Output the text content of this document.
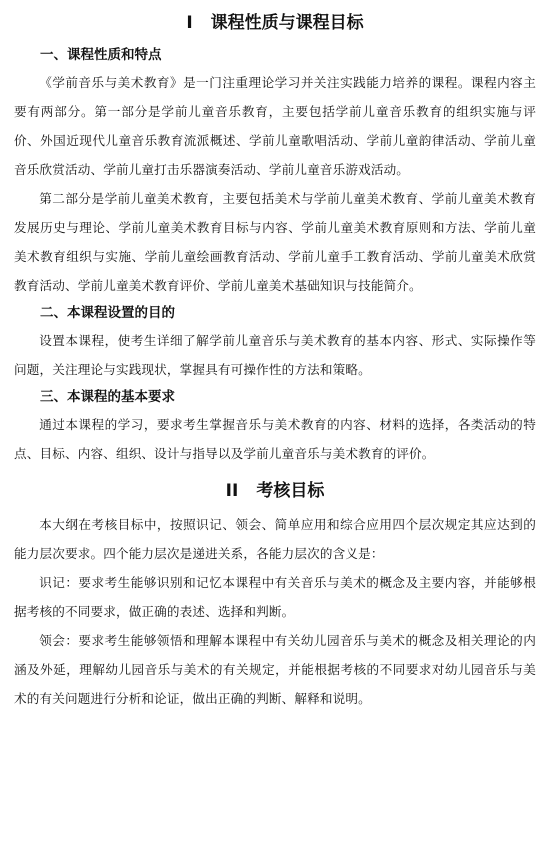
I 课程性质与课程目标
一、课程性质和特点

《学前音乐与美术教育》是一门注重理论学习并关注实践能力培养的课程。课程内容主要有两部分。第一部分是学前儿童音乐教育，主要包括学前儿童音乐教育的组织实施与评价、外国近现代儿童音乐教育流派概述、学前儿童歌唱活动、学前儿童韵律活动、学前儿童音乐欣赏活动、学前儿童打击乐器演奏活动、学前儿童音乐游戏活动。

第二部分是学前儿童美术教育，主要包括美术与学前儿童美术教育、学前儿童美术教育发展历史与理论、学前儿童美术教育目标与内容、学前儿童美术教育原则和方法、学前儿童美术教育组织与实施、学前儿童绘画教育活动、学前儿童手工教育活动、学前儿童美术欣赏教育活动、学前儿童美术教育评价、学前儿童美术基础知识与技能简介。

二、本课程设置的目的

设置本课程，使考生详细了解学前儿童音乐与美术教育的基本内容、形式、实际操作等问题，关注理论与实践现状，掌握具有可操作性的方法和策略。

三、本课程的基本要求

通过本课程的学习，要求考生掌握音乐与美术教育的内容、材料的选择，各类活动的特点、目标、内容、组织、设计与指导以及学前儿童音乐与美术教育的评价。

II 考核目标

本大纲在考核目标中，按照识记、领会、简单应用和综合应用四个层次规定其应达到的能力层次要求。四个能力层次是递进关系，各能力层次的含义是：

识记：要求考生能够识别和记忆本课程中有关音乐与美术的概念及主要内容，并能够根据考核的不同要求，做正确的表述、选择和判断。

领会：要求考生能够领悟和理解本课程中有关幼儿园音乐与美术的概念及相关理论的内涵及外延，理解幼儿园音乐与美术的有关规定，并能根据考核的不同要求对幼儿园音乐与美术的有关问题进行分析和论证，做出正确的判断、解释和说明。
